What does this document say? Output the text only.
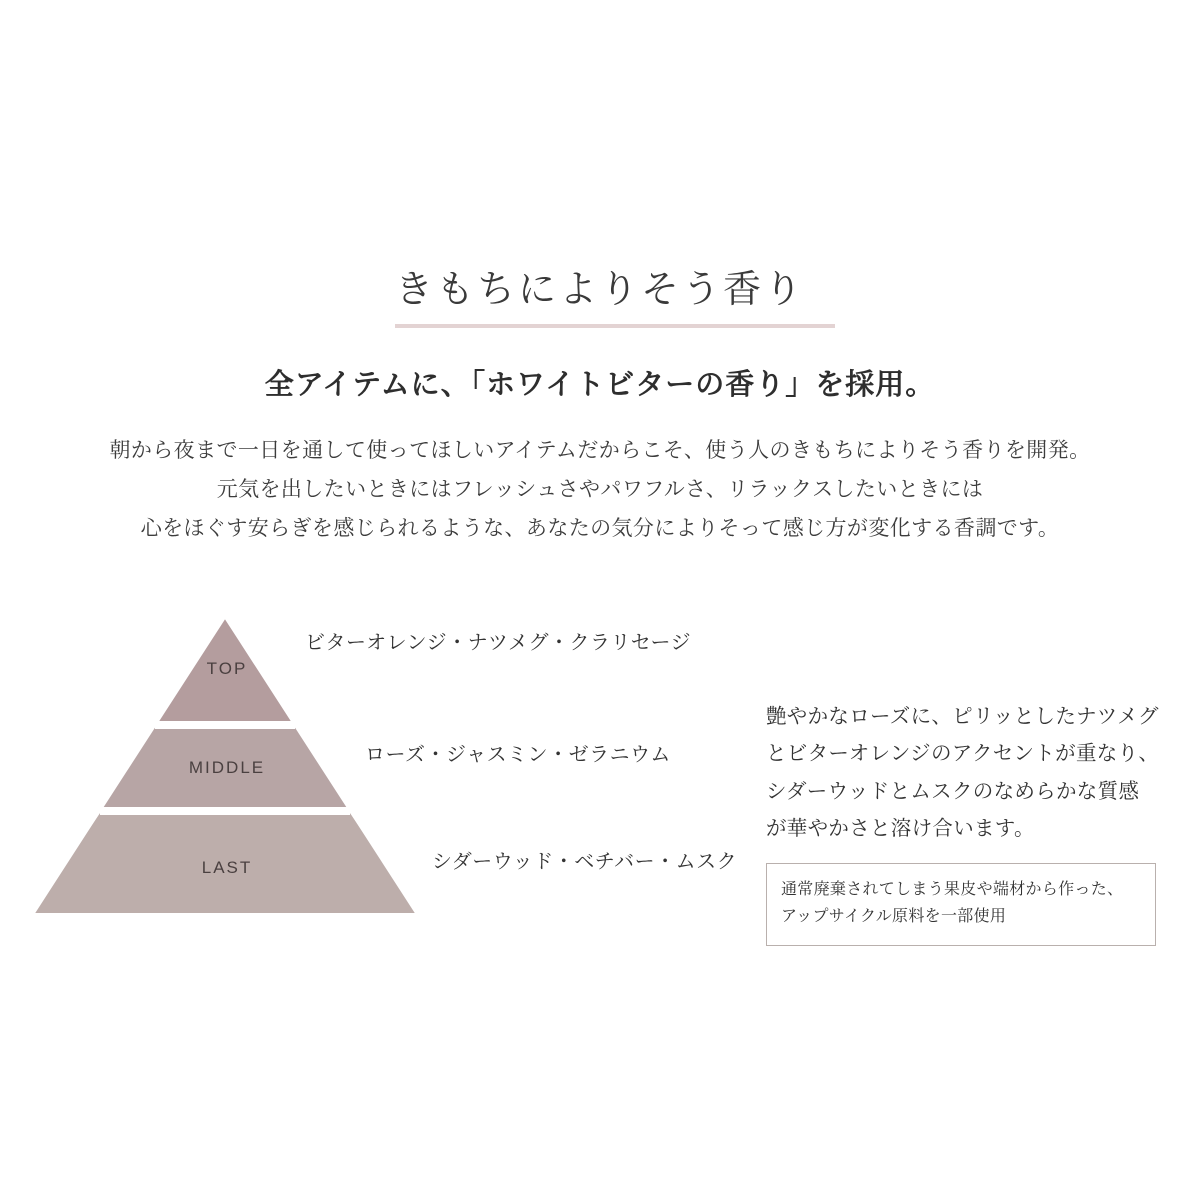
きもちによりそう香り
全アイテムに、「ホワイトビターの香り」を採用。
朝から夜まで一日を通して使ってほしいアイテムだからこそ、使う人のきもちによりそう香りを開発。
元気を出したいときにはフレッシュさやパワフルさ、リラックスしたいときには
心をほぐす安らぎを感じられるような、あなたの気分によりそって感じ方が変化する香調です。
TOP
MIDDLE
LAST
ビターオレンジ・ナツメグ・クラリセージ
ローズ・ジャスミン・ゼラニウム
シダーウッド・ベチバー・ムスク
艶やかなローズに、ピリッとしたナツメグ
とビターオレンジのアクセントが重なり、
シダーウッドとムスクのなめらかな質感
が華やかさと溶け合います。
通常廃棄されてしまう果皮や端材から作った、
アップサイクル原料を一部使用
